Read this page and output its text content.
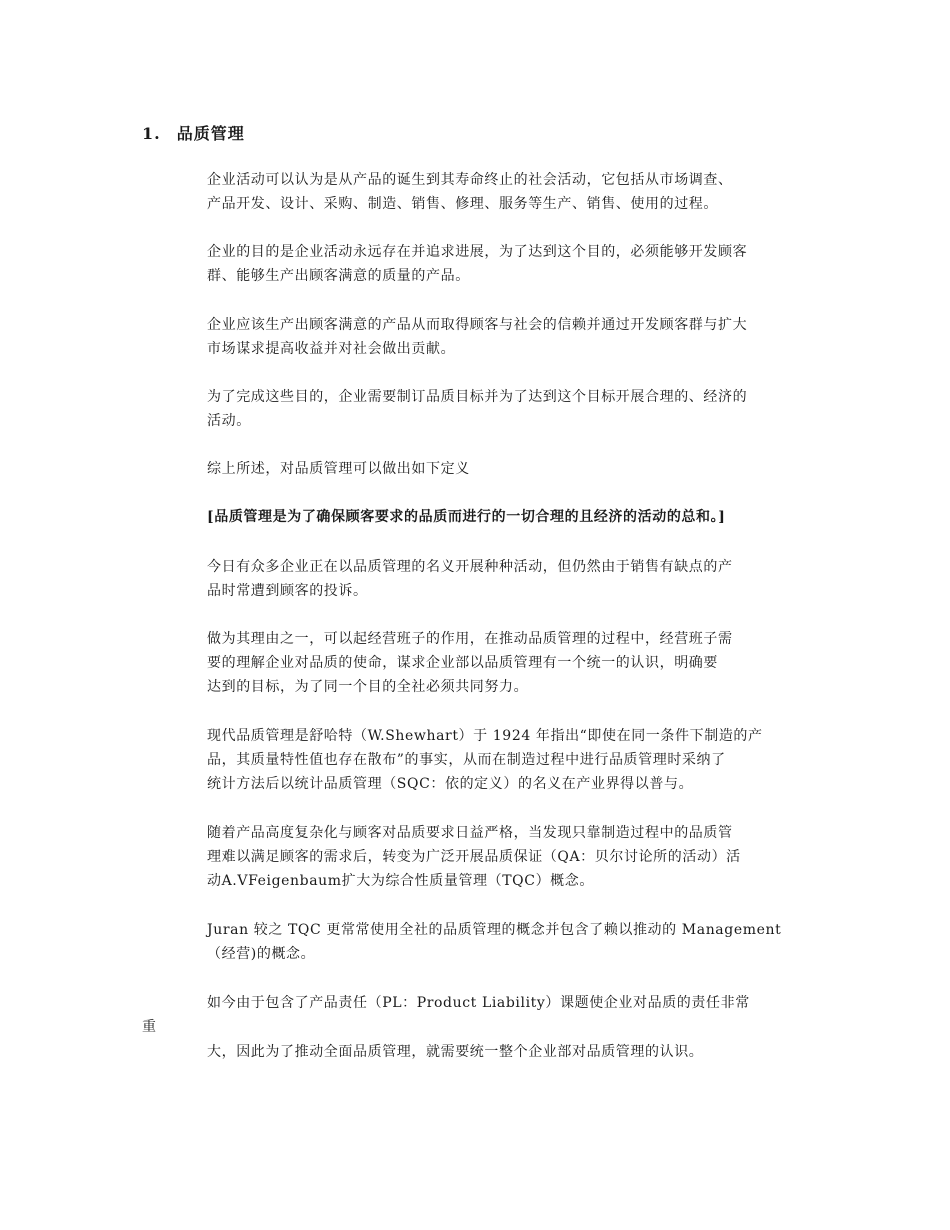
1. 品质管理
企业活动可以认为是从产品的诞生到其寿命终止的社会活动，它包括从市场调查、
产品开发、设计、采购、制造、销售、修理、服务等生产、销售、使用的过程。
企业的目的是企业活动永远存在并追求进展，为了达到这个目的，必须能够开发顾客
群、能够生产出顾客满意的质量的产品。
企业应该生产出顾客满意的产品从而取得顾客与社会的信赖并通过开发顾客群与扩大
市场谋求提高收益并对社会做出贡献。
为了完成这些目的，企业需要制订品质目标并为了达到这个目标开展合理的、经济的
活动。
综上所述，对品质管理可以做出如下定义
[品质管理是为了确保顾客要求的品质而进行的一切合理的且经济的活动的总和。]
今日有众多企业正在以品质管理的名义开展种种活动，但仍然由于销售有缺点的产
品时常遭到顾客的投诉。
做为其理由之一，可以起经营班子的作用，在推动品质管理的过程中，经营班子需
要的理解企业对品质的使命，谋求企业部以品质管理有一个统一的认识，明确要
达到的目标，为了同一个目的全社必须共同努力。
现代品质管理是舒哈特（W.Shewhart）于 1924 年指出“即使在同一条件下制造的产
品，其质量特性值也存在散布”的事实，从而在制造过程中进行品质管理时采纳了
统计方法后以统计品质管理（SQC：依的定义）的名义在产业界得以普与。
随着产品高度复杂化与顾客对品质要求日益严格，当发现只靠制造过程中的品质管
理难以满足顾客的需求后，转变为广泛开展品质保证（QA：贝尔讨论所的活动）活
动A.VFeigenbaum扩大为综合性质量管理（TQC）概念。
Juran 较之 TQC 更常常使用全社的品质管理的概念并包含了赖以推动的 Management
（经营)的概念。
如今由于包含了产品责任（PL：Product Liability）课题使企业对品质的责任非常
重
大，因此为了推动全面品质管理，就需要统一整个企业部对品质管理的认识。
